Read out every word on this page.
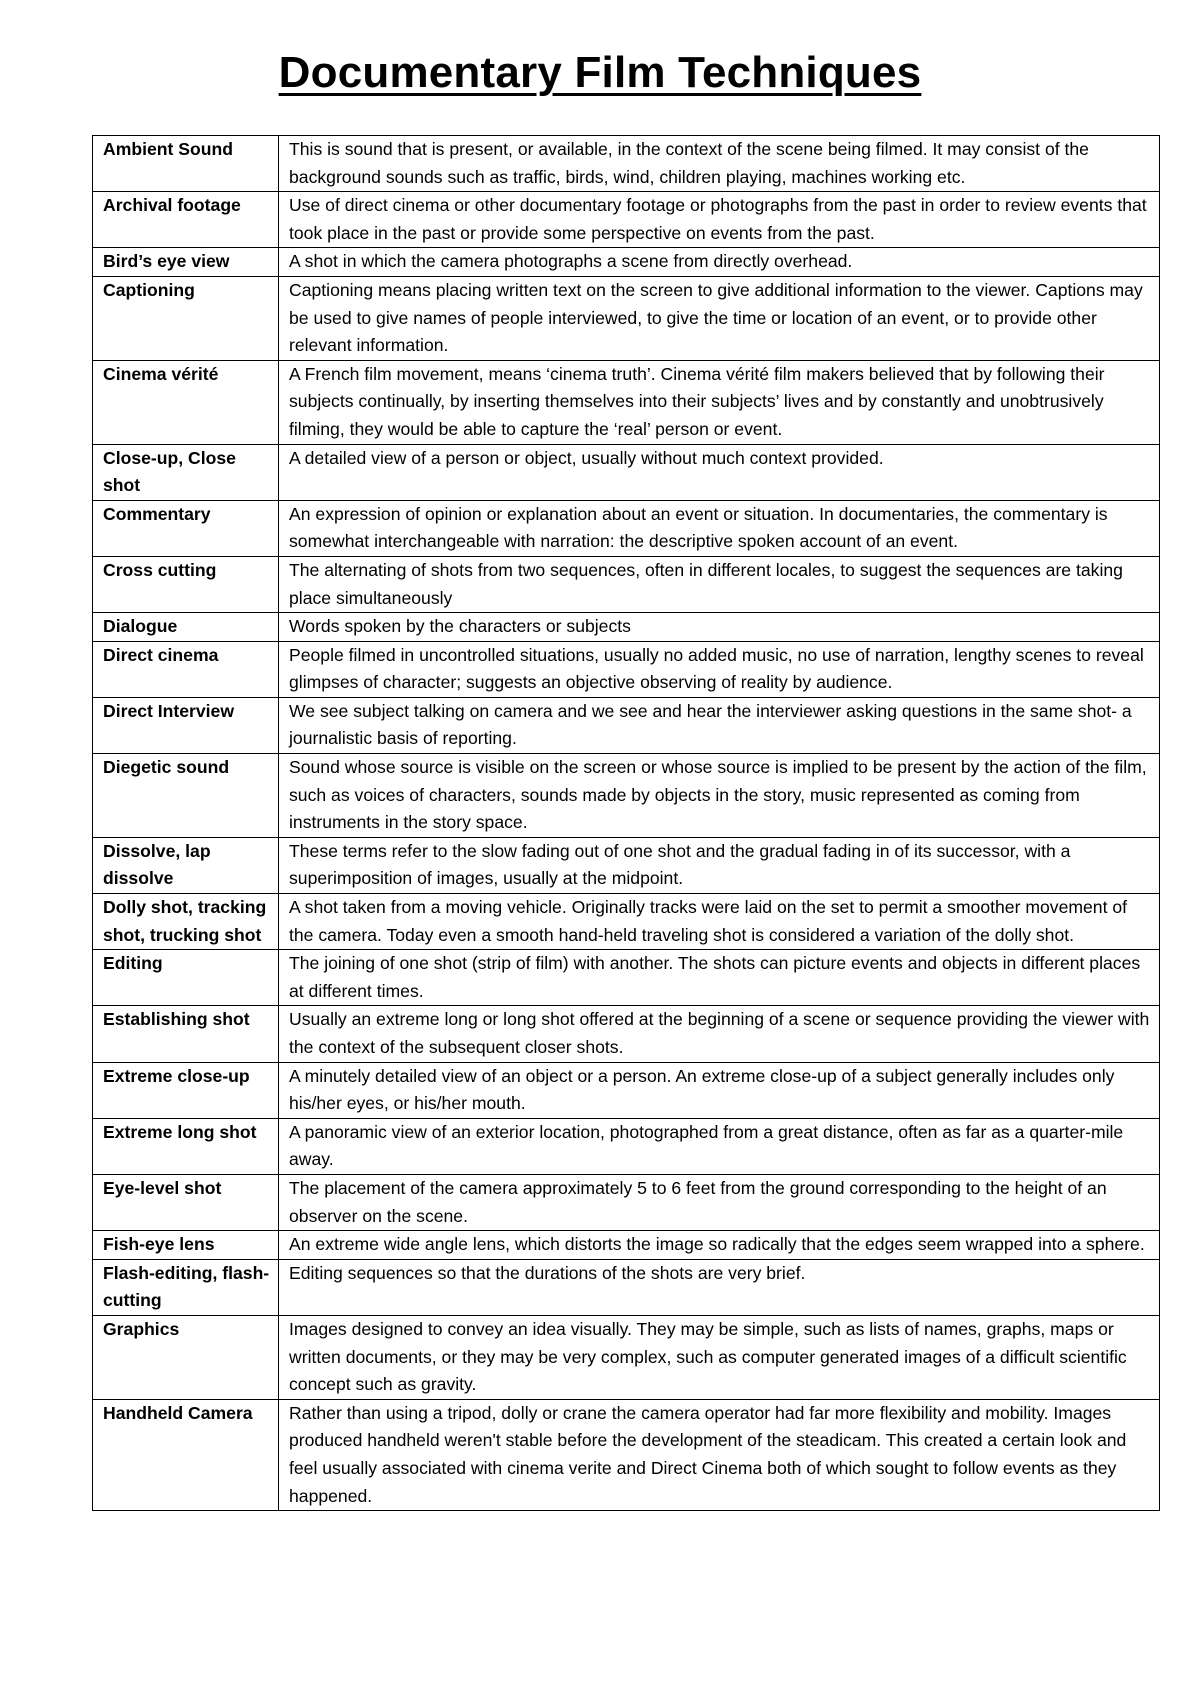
Documentary Film Techniques
Ambient Sound	This is sound that is present, or available, in the context of the scene being filmed. It may consist of the background sounds such as traffic, birds, wind, children playing, machines working etc.
Archival footage	Use of direct cinema or other documentary footage or photographs from the past in order to review events that took place in the past or provide some perspective on events from the past.
Bird’s eye view	A shot in which the camera photographs a scene from directly overhead.
Captioning	Captioning means placing written text on the screen to give additional information to the viewer. Captions may be used to give names of people interviewed, to give the time or location of an event, or to provide other relevant information.
Cinema vérité	A French film movement, means ‘cinema truth’. Cinema vérité film makers believed that by following their subjects continually, by inserting themselves into their subjects’ lives and by constantly and unobtrusively filming, they would be able to capture the ‘real’ person or event.
Close-up, Close shot	A detailed view of a person or object, usually without much context provided.
Commentary	An expression of opinion or explanation about an event or situation. In documentaries, the commentary is somewhat interchangeable with narration: the descriptive spoken account of an event.
Cross cutting	The alternating of shots from two sequences, often in different locales, to suggest the sequences are taking place simultaneously
Dialogue	Words spoken by the characters or subjects
Direct cinema	People filmed in uncontrolled situations, usually no added music, no use of narration, lengthy scenes to reveal glimpses of character; suggests an objective observing of reality by audience.
Direct Interview	We see subject talking on camera and we see and hear the interviewer asking questions in the same shot- a journalistic basis of reporting.
Diegetic sound	Sound whose source is visible on the screen or whose source is implied to be present by the action of the film, such as voices of characters, sounds made by objects in the story, music represented as coming from instruments in the story space.
Dissolve, lap dissolve	These terms refer to the slow fading out of one shot and the gradual fading in of its successor, with a superimposition of images, usually at the midpoint.
Dolly shot, tracking shot, trucking shot	A shot taken from a moving vehicle. Originally tracks were laid on the set to permit a smoother movement of the camera. Today even a smooth hand-held traveling shot is considered a variation of the dolly shot.
Editing	The joining of one shot (strip of film) with another. The shots can picture events and objects in different places at different times.
Establishing shot	Usually an extreme long or long shot offered at the beginning of a scene or sequence providing the viewer with the context of the subsequent closer shots.
Extreme close-up	A minutely detailed view of an object or a person. An extreme close-up of a subject generally includes only his/her eyes, or his/her mouth.
Extreme long shot	A panoramic view of an exterior location, photographed from a great distance, often as far as a quarter-mile away.
Eye-level shot	The placement of the camera approximately 5 to 6 feet from the ground corresponding to the height of an observer on the scene.
Fish-eye lens	An extreme wide angle lens, which distorts the image so radically that the edges seem wrapped into a sphere.
Flash-editing, flash-cutting	Editing sequences so that the durations of the shots are very brief.
Graphics	Images designed to convey an idea visually. They may be simple, such as lists of names, graphs, maps or written documents, or they may be very complex, such as computer generated images of a difficult scientific concept such as gravity.
Handheld Camera	Rather than using a tripod, dolly or crane the camera operator had far more flexibility and mobility. Images produced handheld weren't stable before the development of the steadicam. This created a certain look and feel usually associated with cinema verite and Direct Cinema both of which sought to follow events as they happened.
